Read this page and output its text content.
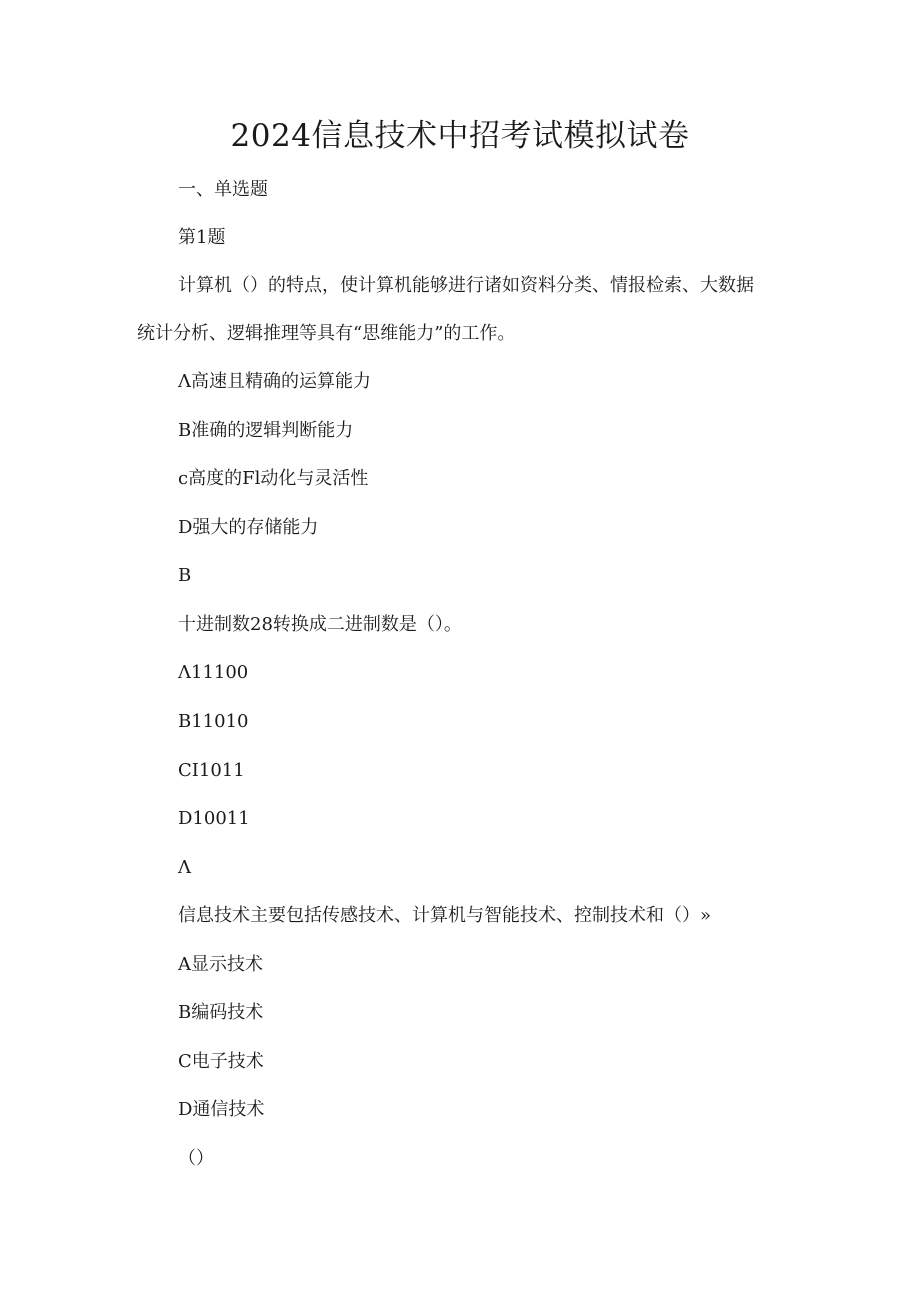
2024信息技术中招考试模拟试卷
一、单选题
第1题
计算机（）的特点，使计算机能够进行诸如资料分类、情报检索、大数据
统计分析、逻辑推理等具有“思维能力”的工作。
Λ高速且精确的运算能力
B准确的逻辑判断能力
c高度的Fl动化与灵活性
D强大的存储能力
B
十进制数28转换成二进制数是（）。
Λ11100
B11010
CI1011
D10011
Λ
信息技术主要包括传感技术、计算机与智能技术、控制技术和（）»
A显示技术
B编码技术
C电子技术
D通信技术
（）
